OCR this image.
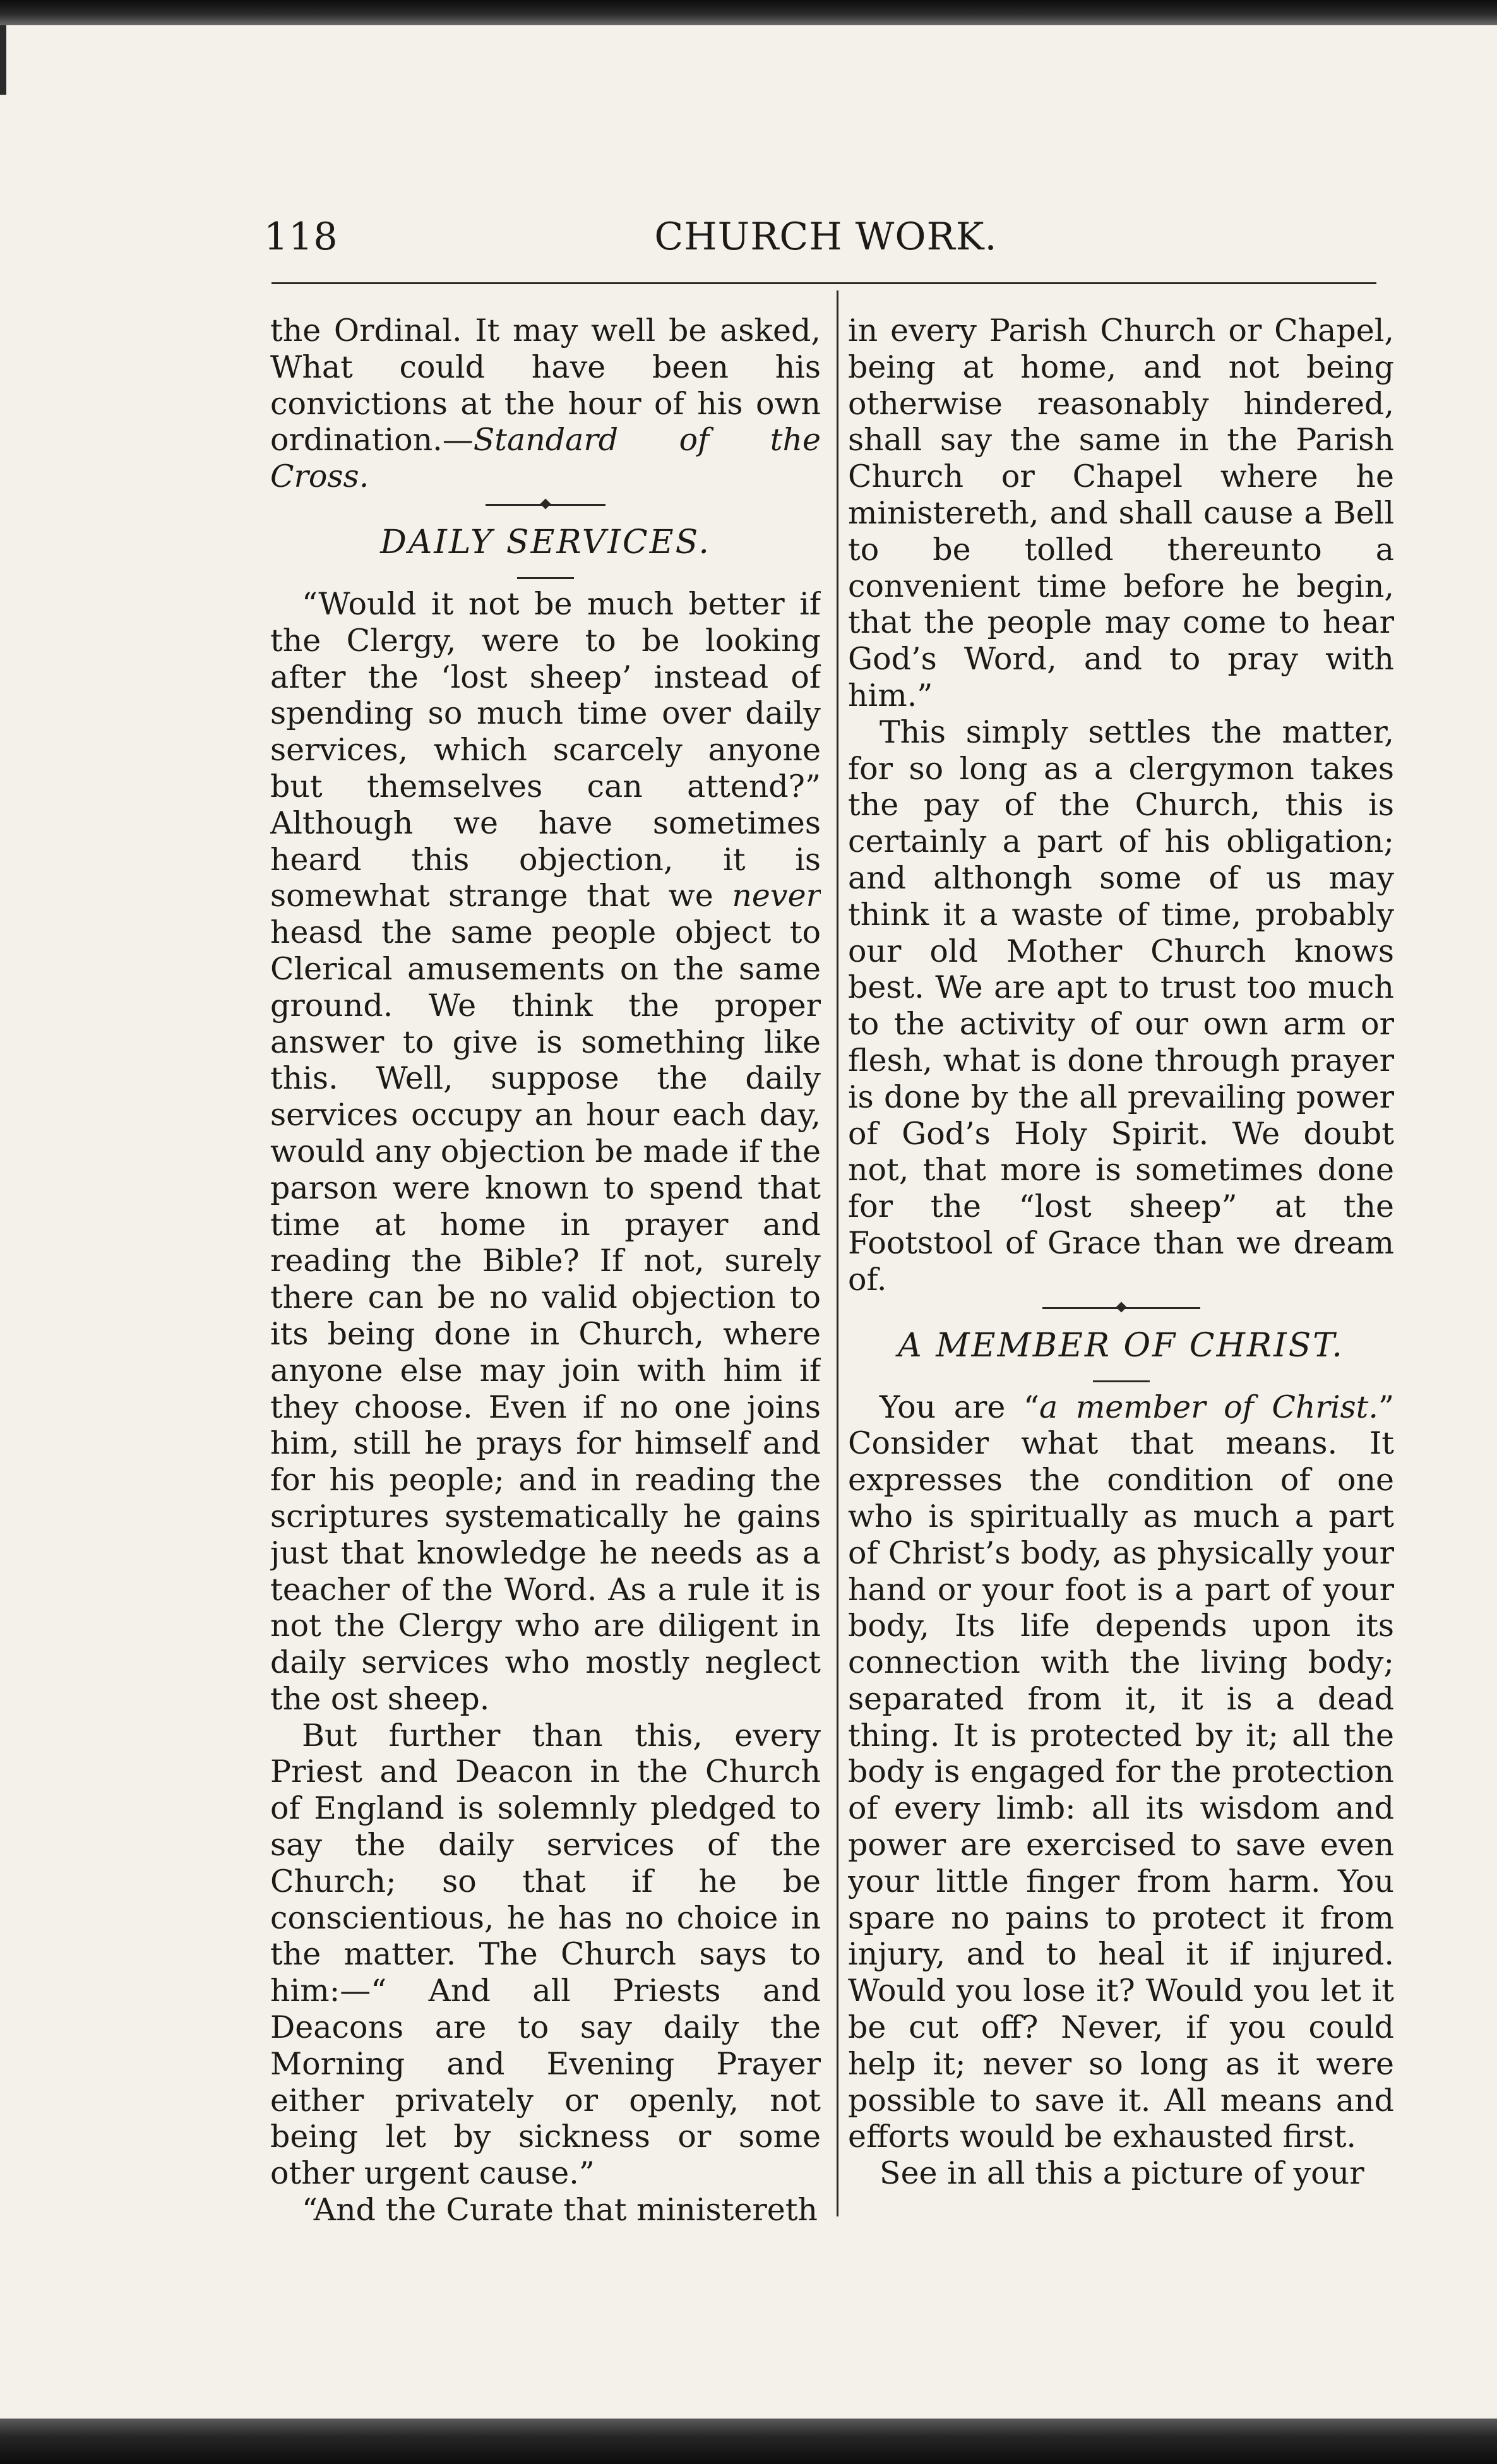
118	CHURCH WORK.

the Ordinal. It may well be asked, What could have been his convictions at the hour of his own ordination.—Standard of the Cross.

DAILY SERVICES.

“Would it not be much better if the Clergy, were to be looking after the ‘lost sheep’ instead of spending so much time over daily services, which scarcely anyone but themselves can attend?” Although we have sometimes heard this objection, it is somewhat strange that we never heasd the same people object to Clerical amusements on the same ground. We think the proper answer to give is something like this. Well, suppose the daily services occupy an hour each day, would any objection be made if the parson were known to spend that time at home in prayer and reading the Bible? If not, surely there can be no valid objection to its being done in Church, where anyone else may join with him if they choose. Even if no one joins him, still he prays for himself and for his people; and in reading the scriptures systematically he gains just that knowledge he needs as a teacher of the Word. As a rule it is not the Clergy who are diligent in daily services who mostly neglect the ost sheep.

But further than this, every Priest and Deacon in the Church of England is solemnly pledged to say the daily services of the Church; so that if he be conscientious, he has no choice in the matter. The Church says to him:—“ And all Priests and Deacons are to say daily the Morning and Evening Prayer either privately or openly, not being let by sickness or some other urgent cause.”

“And the Curate that ministereth

in every Parish Church or Chapel, being at home, and not being otherwise reasonably hindered, shall say the same in the Parish Church or Chapel where he ministereth, and shall cause a Bell to be tolled thereunto a convenient time before he begin, that the people may come to hear God’s Word, and to pray with him.”

This simply settles the matter, for so long as a clergymon takes the pay of the Church, this is certainly a part of his obligation; and althongh some of us may think it a waste of time, probably our old Mother Church knows best. We are apt to trust too much to the activity of our own arm or flesh, what is done through prayer is done by the all prevailing power of God’s Holy Spirit. We doubt not, that more is sometimes done for the “lost sheep” at the Footstool of Grace than we dream of.

A MEMBER OF CHRIST.

You are “a member of Christ.” Consider what that means. It expresses the condition of one who is spiritually as much a part of Christ’s body, as physically your hand or your foot is a part of your body, Its life depends upon its connection with the living body; separated from it, it is a dead thing. It is protected by it; all the body is engaged for the protection of every limb: all its wisdom and power are exercised to save even your little finger from harm. You spare no pains to protect it from injury, and to heal it if injured. Would you lose it? Would you let it be cut off? Never, if you could help it; never so long as it were possible to save it. All means and efforts would be exhausted first.

See in all this a picture of your
